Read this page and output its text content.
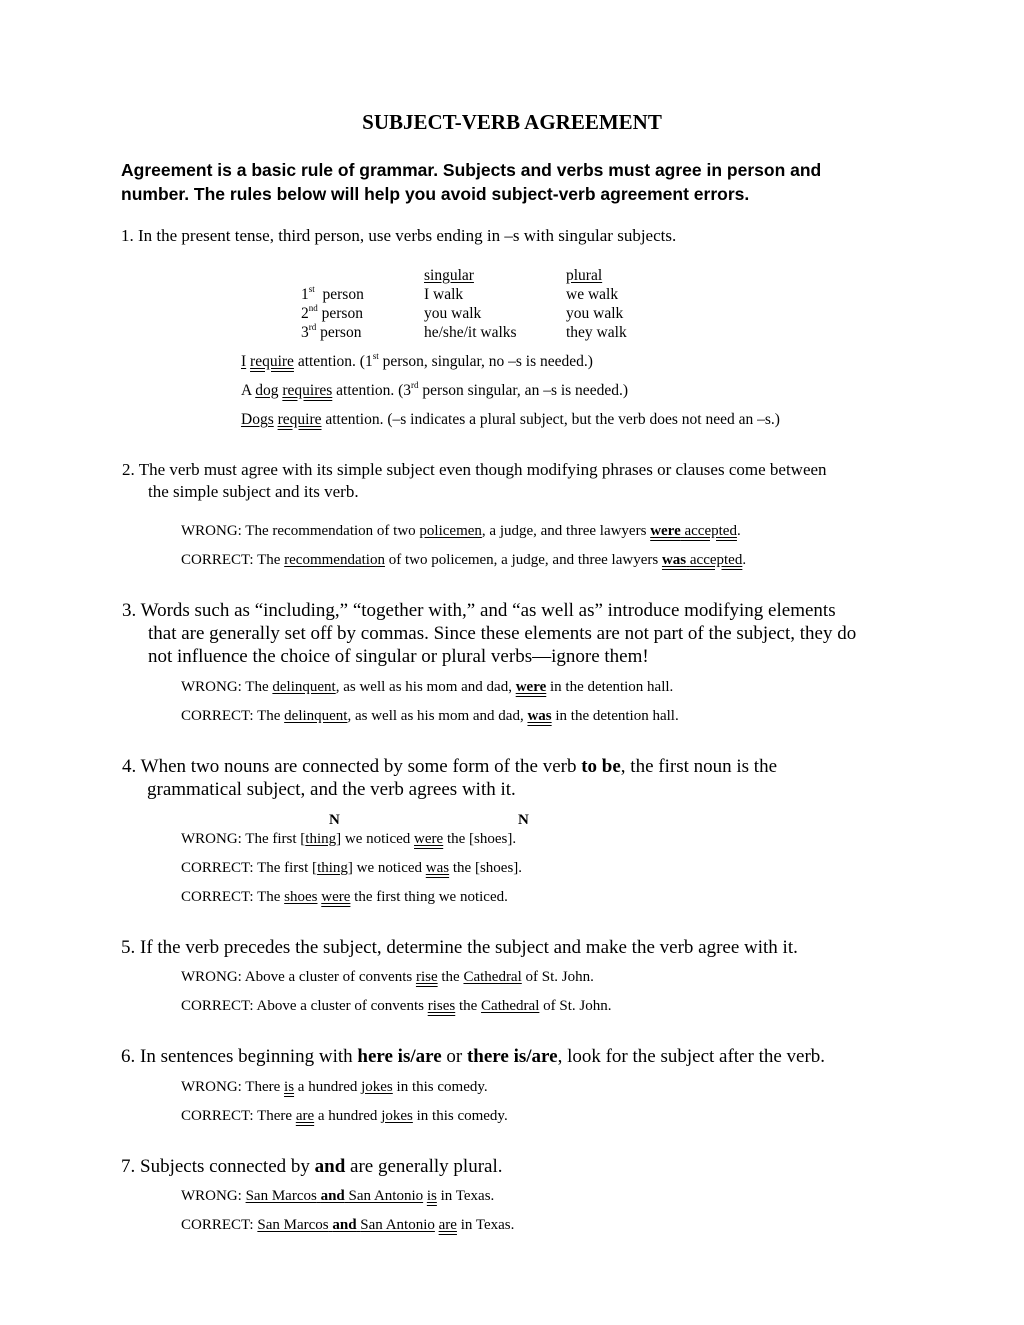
SUBJECT-VERB AGREEMENT
Agreement is a basic rule of grammar. Subjects and verbs must agree in person and
number. The rules below will help you avoid subject-verb agreement errors.
1. In the present tense, third person, use verbs ending in –s with singular subjects.
singular	plural
1st person	I walk	we walk
2nd person	you walk	you walk
3rd person	he/she/it walks	they walk
I require attention. (1st person, singular, no –s is needed.)
A dog requires attention. (3rd person singular, an –s is needed.)
Dogs require attention. (–s indicates a plural subject, but the verb does not need an –s.)
2. The verb must agree with its simple subject even though modifying phrases or clauses come between
the simple subject and its verb.
WRONG: The recommendation of two policemen, a judge, and three lawyers were accepted.
CORRECT: The recommendation of two policemen, a judge, and three lawyers was accepted.
3. Words such as “including,” “together with,” and “as well as” introduce modifying elements
that are generally set off by commas. Since these elements are not part of the subject, they do
not influence the choice of singular or plural verbs—ignore them!
WRONG: The delinquent, as well as his mom and dad, were in the detention hall.
CORRECT: The delinquent, as well as his mom and dad, was in the detention hall.
4. When two nouns are connected by some form of the verb to be, the first noun is the
grammatical subject, and the verb agrees with it.
N	N
WRONG: The first [thing] we noticed were the [shoes].
CORRECT: The first [thing] we noticed was the [shoes].
CORRECT: The shoes were the first thing we noticed.
5. If the verb precedes the subject, determine the subject and make the verb agree with it.
WRONG: Above a cluster of convents rise the Cathedral of St. John.
CORRECT: Above a cluster of convents rises the Cathedral of St. John.
6. In sentences beginning with here is/are or there is/are, look for the subject after the verb.
WRONG: There is a hundred jokes in this comedy.
CORRECT: There are a hundred jokes in this comedy.
7. Subjects connected by and are generally plural.
WRONG: San Marcos and San Antonio is in Texas.
CORRECT: San Marcos and San Antonio are in Texas.
